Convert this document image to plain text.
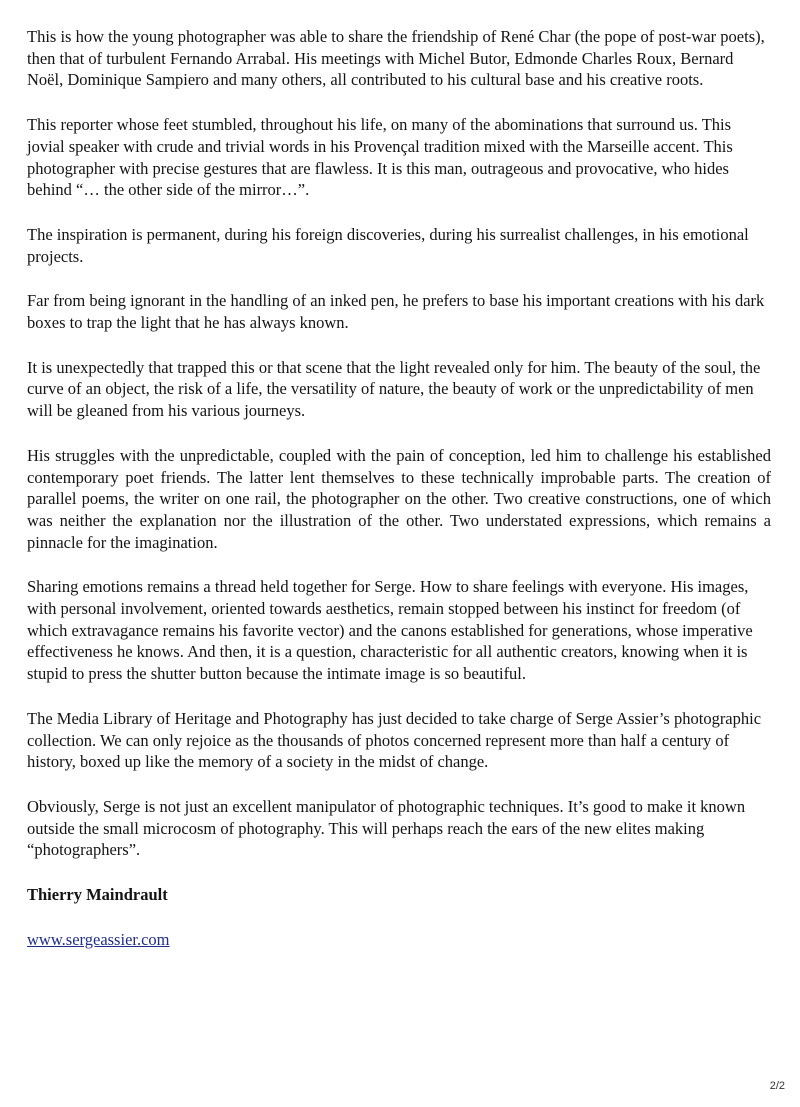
This is how the young photographer was able to share the friendship of René Char (the pope of post-war poets), then that of turbulent Fernando Arrabal. His meetings with Michel Butor, Edmonde Charles Roux, Bernard Noël, Dominique Sampiero and many others, all contributed to his cultural base and his creative roots.

This reporter whose feet stumbled, throughout his life, on many of the abominations that surround us. This jovial speaker with crude and trivial words in his Provençal tradition mixed with the Marseille accent. This photographer with precise gestures that are flawless. It is this man, outrageous and provocative, who hides behind “… the other side of the mirror…”.

The inspiration is permanent, during his foreign discoveries, during his surrealist challenges, in his emotional projects.

Far from being ignorant in the handling of an inked pen, he prefers to base his important creations with his dark boxes to trap the light that he has always known.

It is unexpectedly that trapped this or that scene that the light revealed only for him. The beauty of the soul, the curve of an object, the risk of a life, the versatility of nature, the beauty of work or the unpredictability of men will be gleaned from his various journeys.

His struggles with the unpredictable, coupled with the pain of conception, led him to challenge his established contemporary poet friends. The latter lent themselves to these technically improbable parts. The creation of parallel poems, the writer on one rail, the photographer on the other. Two creative constructions, one of which was neither the explanation nor the illustration of the other. Two understated expressions, which remains a pinnacle for the imagination.

Sharing emotions remains a thread held together for Serge. How to share feelings with everyone. His images, with personal involvement, oriented towards aesthetics, remain stopped between his instinct for freedom (of which extravagance remains his favorite vector) and the canons established for generations, whose imperative effectiveness he knows. And then, it is a question, characteristic for all authentic creators, knowing when it is stupid to press the shutter button because the intimate image is so beautiful.

The Media Library of Heritage and Photography has just decided to take charge of Serge Assier’s photographic collection. We can only rejoice as the thousands of photos concerned represent more than half a century of history, boxed up like the memory of a society in the midst of change.

Obviously, Serge is not just an excellent manipulator of photographic techniques. It’s good to make it known outside the small microcosm of photography. This will perhaps reach the ears of the new elites making “photographers”.

Thierry Maindrault

www.sergeassier.com
2/2
